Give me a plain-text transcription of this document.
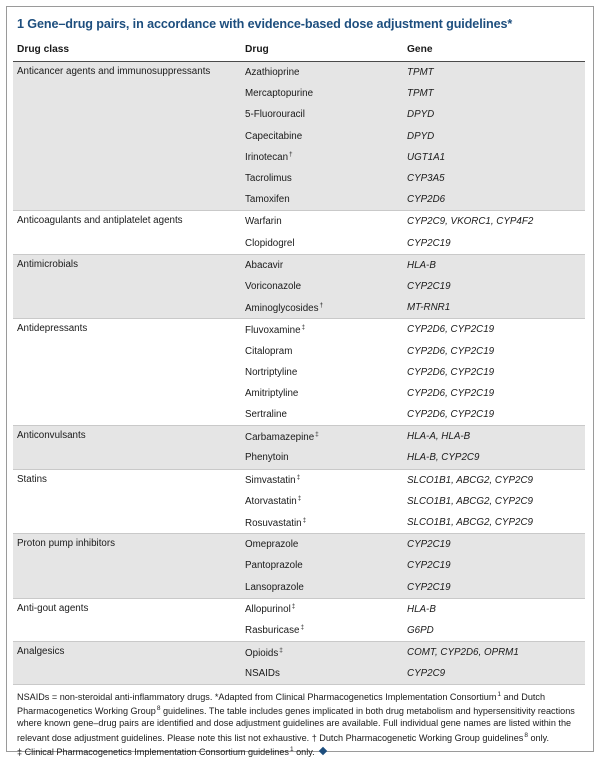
1 Gene–drug pairs, in accordance with evidence-based dose adjustment guidelines*
Drug class	Drug	Gene
Anticancer agents and immunosuppressants	Azathioprine	TPMT
Mercaptopurine	TPMT
5-Fluorouracil	DPYD
Capecitabine	DPYD
Irinotecan†	UGT1A1
Tacrolimus	CYP3A5
Tamoxifen	CYP2D6
Anticoagulants and antiplatelet agents	Warfarin	CYP2C9, VKORC1, CYP4F2
Clopidogrel	CYP2C19
Antimicrobials	Abacavir	HLA-B
Voriconazole	CYP2C19
Aminoglycosides†	MT-RNR1
Antidepressants	Fluvoxamine‡	CYP2D6, CYP2C19
Citalopram	CYP2D6, CYP2C19
Nortriptyline	CYP2D6, CYP2C19
Amitriptyline	CYP2D6, CYP2C19
Sertraline	CYP2D6, CYP2C19
Anticonvulsants	Carbamazepine‡	HLA-A, HLA-B
Phenytoin	HLA-B, CYP2C9
Statins	Simvastatin‡	SLCO1B1, ABCG2, CYP2C9
Atorvastatin‡	SLCO1B1, ABCG2, CYP2C9
Rosuvastatin‡	SLCO1B1, ABCG2, CYP2C9
Proton pump inhibitors	Omeprazole	CYP2C19
Pantoprazole	CYP2C19
Lansoprazole	CYP2C19
Anti-gout agents	Allopurinol‡	HLA-B
Rasburicase‡	G6PD
Analgesics	Opioids‡	COMT, CYP2D6, OPRM1
NSAIDs	CYP2C9

NSAIDs = non-steroidal anti-inflammatory drugs. *Adapted from Clinical Pharmacogenetics Implementation Consortium$^1$ and Dutch Pharmacogenetics Working Group$^8$ guidelines. The table includes genes implicated in both drug metabolism and hypersensitivity reactions where known gene–drug pairs are identified and dose adjustment guidelines are available. Full individual gene names are listed within the relevant dose adjustment guidelines. Please note this list not exhaustive. † Dutch Pharmacogenetic Working Group guidelines$^8$ only.

‡ Clinical Pharmacogenetics Implementation Consortium guidelines$^1$ only.
